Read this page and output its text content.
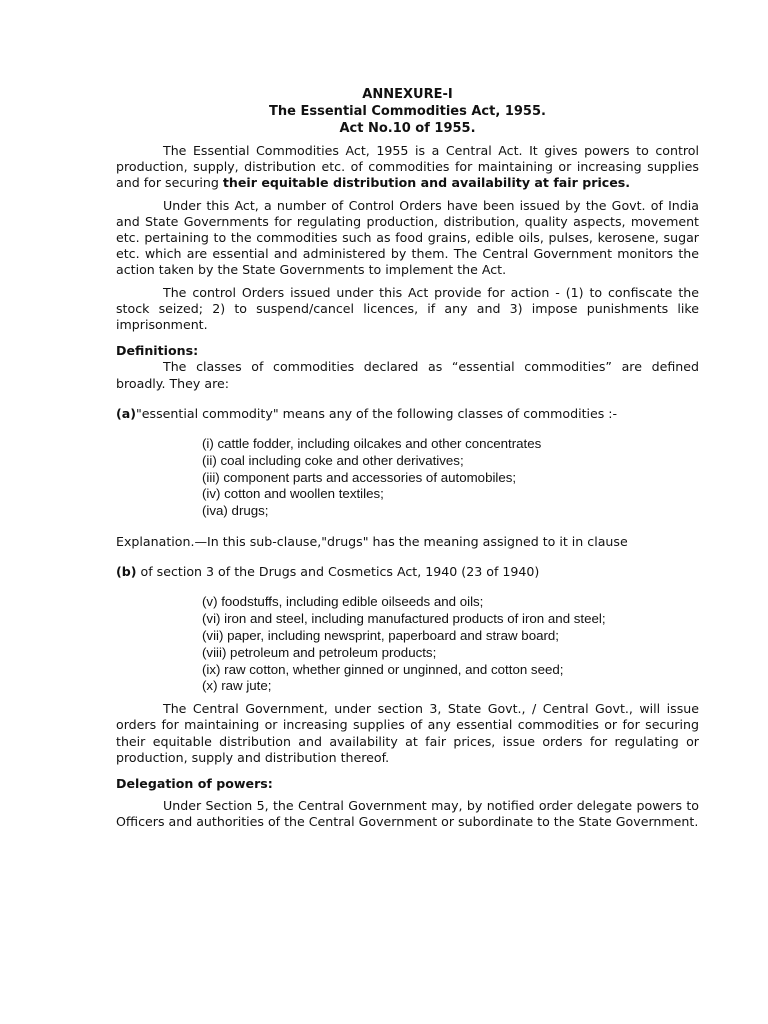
ANNEXURE-I
The Essential Commodities Act, 1955.
Act No.10 of 1955.

The Essential Commodities Act, 1955 is a Central Act. It gives powers to control production, supply, distribution etc. of commodities for maintaining or increasing supplies and for securing their equitable distribution and availability at fair prices.

Under this Act, a number of Control Orders have been issued by the Govt. of India and State Governments for regulating production, distribution, quality aspects, movement etc. pertaining to the commodities such as food grains, edible oils, pulses, kerosene, sugar etc. which are essential and administered by them. The Central Government monitors the action taken by the State Governments to implement the Act.

The control Orders issued under this Act provide for action - (1) to confiscate the stock seized; 2) to suspend/cancel licences, if any and 3) impose punishments like imprisonment.

Definitions:

The classes of commodities declared as “essential commodities” are defined broadly. They are:

(a)"essential commodity" means any of the following classes of commodities :-

(i) cattle fodder, including oilcakes and other concentrates
(ii) coal including coke and other derivatives;
(iii) component parts and accessories of automobiles;
(iv) cotton and woollen textiles;
(iva) drugs;

Explanation.—In this sub-clause,"drugs" has the meaning assigned to it in clause

(b) of section 3 of the Drugs and Cosmetics Act, 1940 (23 of 1940)

(v) foodstuffs, including edible oilseeds and oils;
(vi) iron and steel, including manufactured products of iron and steel;
(vii) paper, including newsprint, paperboard and straw board;
(viii) petroleum and petroleum products;
(ix) raw cotton, whether ginned or unginned, and cotton seed;
(x) raw jute;

The Central Government, under section 3, State Govt., / Central Govt., will issue orders for maintaining or increasing supplies of any essential commodities or for securing their equitable distribution and availability at fair prices, issue orders for regulating or production, supply and distribution thereof.

Delegation of powers:

Under Section 5, the Central Government may, by notified order delegate powers to Officers and authorities of the Central Government or subordinate to the State Government.
